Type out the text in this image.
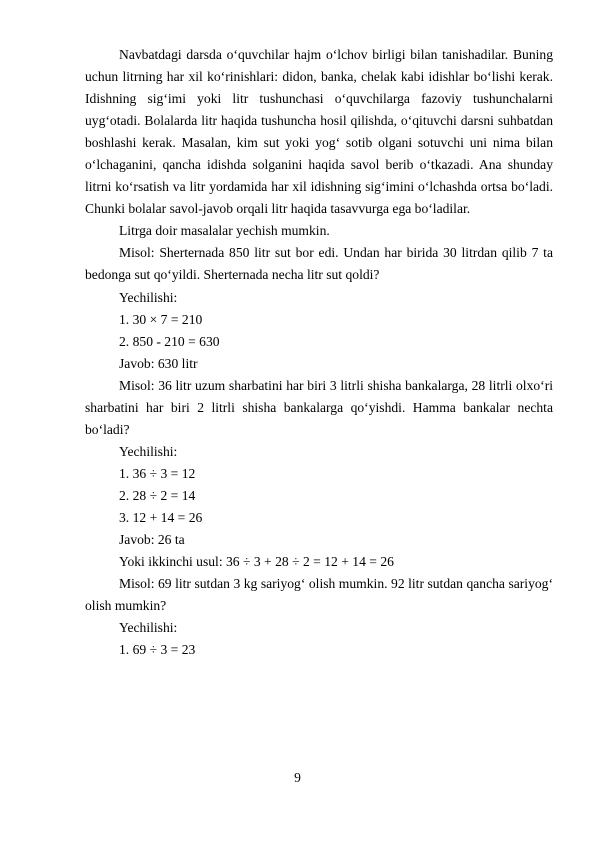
Navbatdagi darsda o‘quvchilar hajm o‘lchov birligi bilan tanishadilar. Buning uchun litrning har xil ko‘rinishlari: didon, banka, chelak kabi idishlar bo‘lishi kerak. Idishning sig‘imi yoki litr tushunchasi o‘quvchilarga fazoviy tushunchalarni uyg‘otadi. Bolalarda litr haqida tushuncha hosil qilishda, o‘qituvchi darsni suhbatdan boshlashi kerak. Masalan, kim sut yoki yog‘ sotib olgani sotuvchi uni nima bilan o‘lchaganini, qancha idishda solganini haqida savol berib o‘tkazadi. Ana shunday litrni ko‘rsatish va litr yordamida har xil idishning sig‘imini o‘lchashda ortsa bo‘ladi. Chunki bolalar savol-javob orqali litr haqida tasavvurga ega bo‘ladilar.

Litrga doir masalalar yechish mumkin.

Misol: Sherternada 850 litr sut bor edi. Undan har birida 30 litrdan qilib 7 ta bedonga sut qo‘yildi. Sherternada necha litr sut qoldi?

Yechilishi:

1. 30 × 7 = 210

2. 850 - 210 = 630

Javob: 630 litr

Misol: 36 litr uzum sharbatini har biri 3 litrli shisha bankalarga, 28 litrli olxo‘ri sharbatini har biri 2 litrli shisha bankalarga qo‘yishdi. Hamma bankalar nechta bo‘ladi?

Yechilishi:

1. 36 ÷ 3 = 12

2. 28 ÷ 2 = 14

3. 12 + 14 = 26

Javob: 26 ta

Yoki ikkinchi usul: 36 ÷ 3 + 28 ÷ 2 = 12 + 14 = 26

Misol: 69 litr sutdan 3 kg sariyog‘ olish mumkin. 92 litr sutdan qancha sariyog‘ olish mumkin?

Yechilishi:

1. 69 ÷ 3 = 23

9
